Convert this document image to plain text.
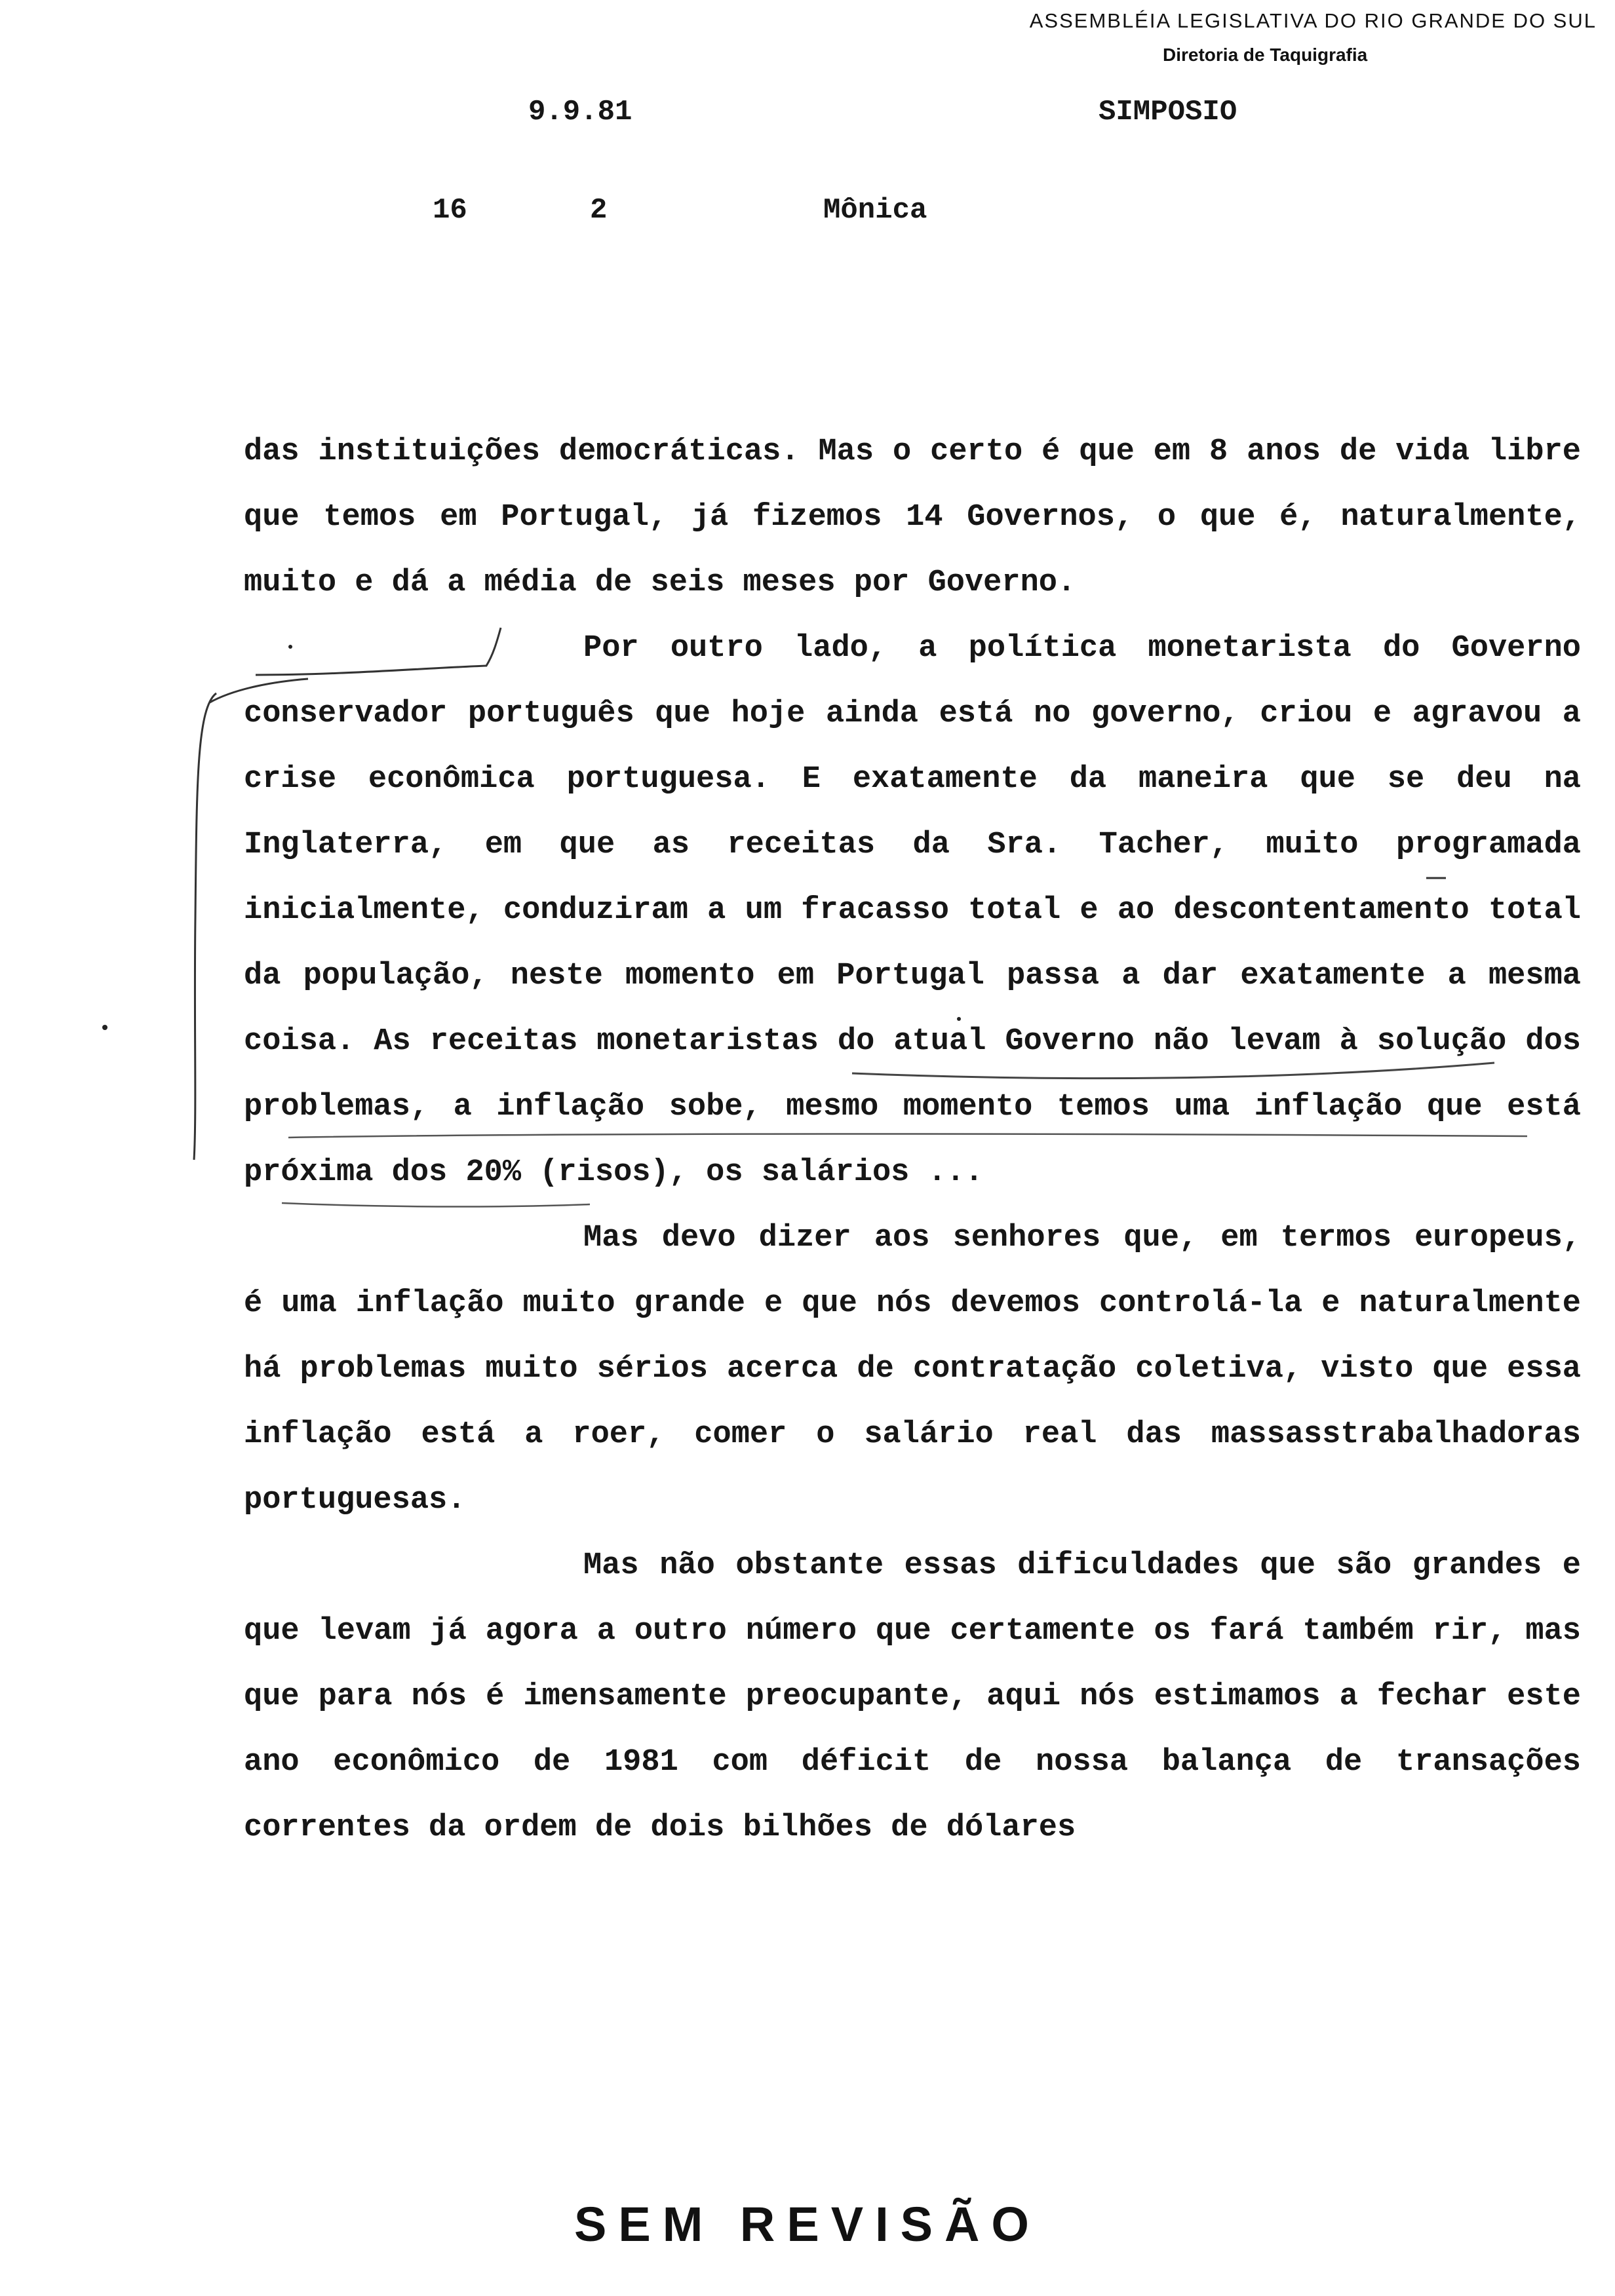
ASSEMBLÉIA LEGISLATIVA DO RIO GRANDE DO SUL
Diretoria de Taquigrafia
9.9.81	SIMPOSIO
16	2	Mônica

das instituições democráticas. Mas o certo é que em 8 anos de vida libre que temos em Portugal, já fizemos 14 Governos, o que é, naturalmente, muito e dá a média de seis meses por Governo.

Por outro lado, a política monetarista do Governo conservador português que hoje ainda está no governo, criou e agravou a crise econômica portuguesa. E exatamente da maneira que se deu na Inglaterra, em que as receitas da Sra. Tacher, muito programada inicialmente, conduziram a um fracasso total e ao descontentamento total da população, neste momento em Portugal passa a dar exatamente a mesma coisa. As receitas monetaristas do atual Governo não levam à solução dos problemas, a inflação sobe, mesmo momento temos uma inflação que está próxima dos 20% (risos), os salários ...

Mas devo dizer aos senhores que, em termos europeus, é uma inflação muito grande e que nós devemos controlá-la e naturalmente há problemas muito sérios acerca de contratação coletiva, visto que essa inflação está a roer, comer o salário real das massasstrabalhadoras portuguesas.

Mas não obstante essas dificuldades que são grandes e que levam já agora a outro número que certamente os fará também rir, mas que para nós é imensamente preocupante, aqui nós estimamos a fechar este ano econômico de 1981 com déficit de nossa balança de transações correntes da ordem de dois bilhões de dólares

SEM REVISÃO
